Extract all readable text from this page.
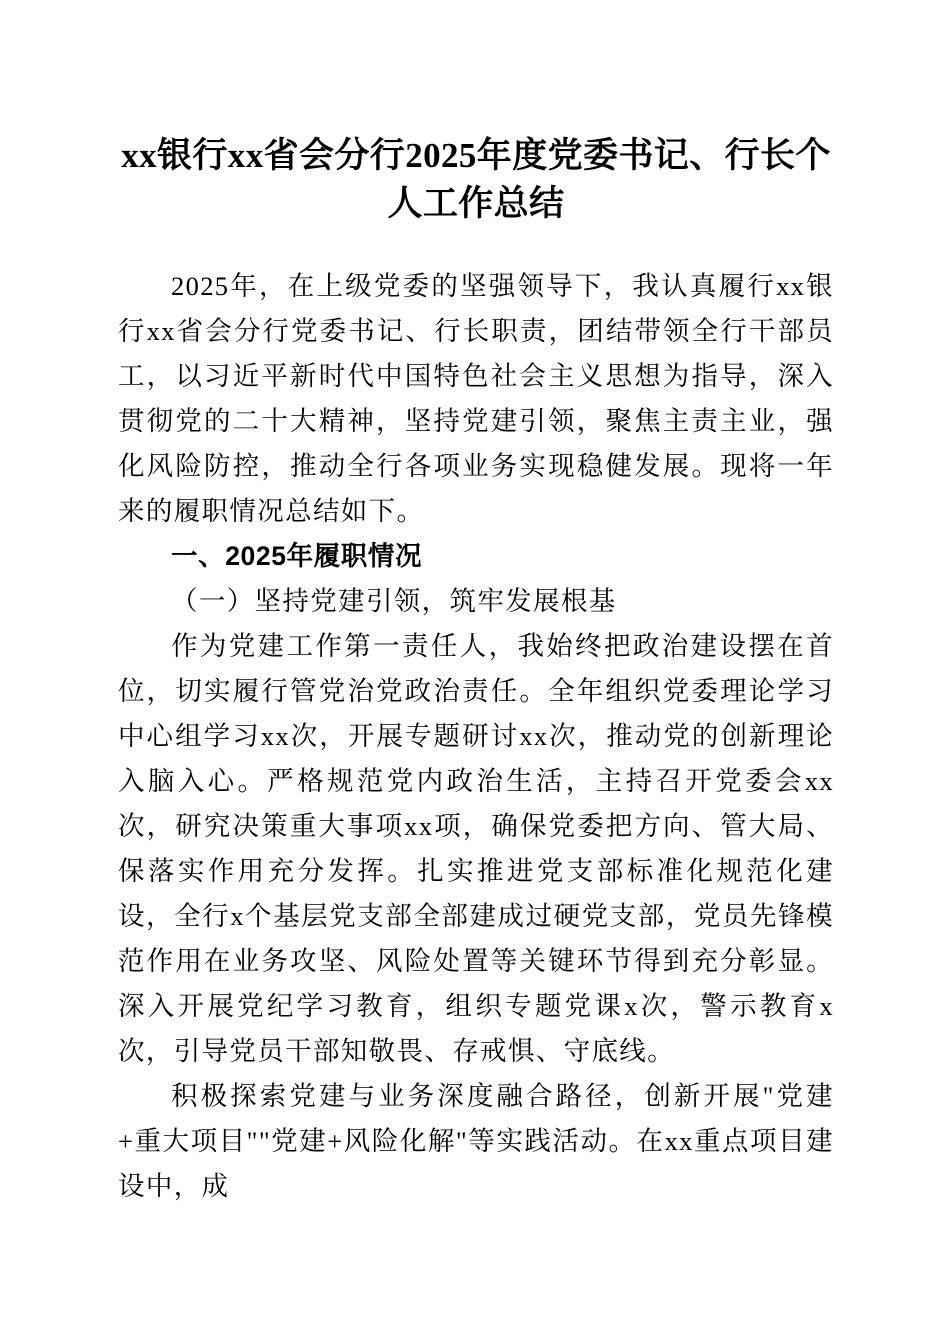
xx银行xx省会分行2025年度党委书记、行长个人工作总结

2025年，在上级党委的坚强领导下，我认真履行xx银行xx省会分行党委书记、行长职责，团结带领全行干部员工，以习近平新时代中国特色社会主义思想为指导，深入贯彻党的二十大精神，坚持党建引领，聚焦主责主业，强化风险防控，推动全行各项业务实现稳健发展。现将一年来的履职情况总结如下。

一、2025年履职情况

（一）坚持党建引领，筑牢发展根基

作为党建工作第一责任人，我始终把政治建设摆在首位，切实履行管党治党政治责任。全年组织党委理论学习中心组学习xx次，开展专题研讨xx次，推动党的创新理论入脑入心。严格规范党内政治生活，主持召开党委会xx次，研究决策重大事项xx项，确保党委把方向、管大局、保落实作用充分发挥。扎实推进党支部标准化规范化建设，全行x个基层党支部全部建成过硬党支部，党员先锋模范作用在业务攻坚、风险处置等关键环节得到充分彰显。深入开展党纪学习教育，组织专题党课x次，警示教育x次，引导党员干部知敬畏、存戒惧、守底线。

积极探索党建与业务深度融合路径，创新开展"党建+重大项目""党建+风险化解"等实践活动。在xx重点项目建设中，成
